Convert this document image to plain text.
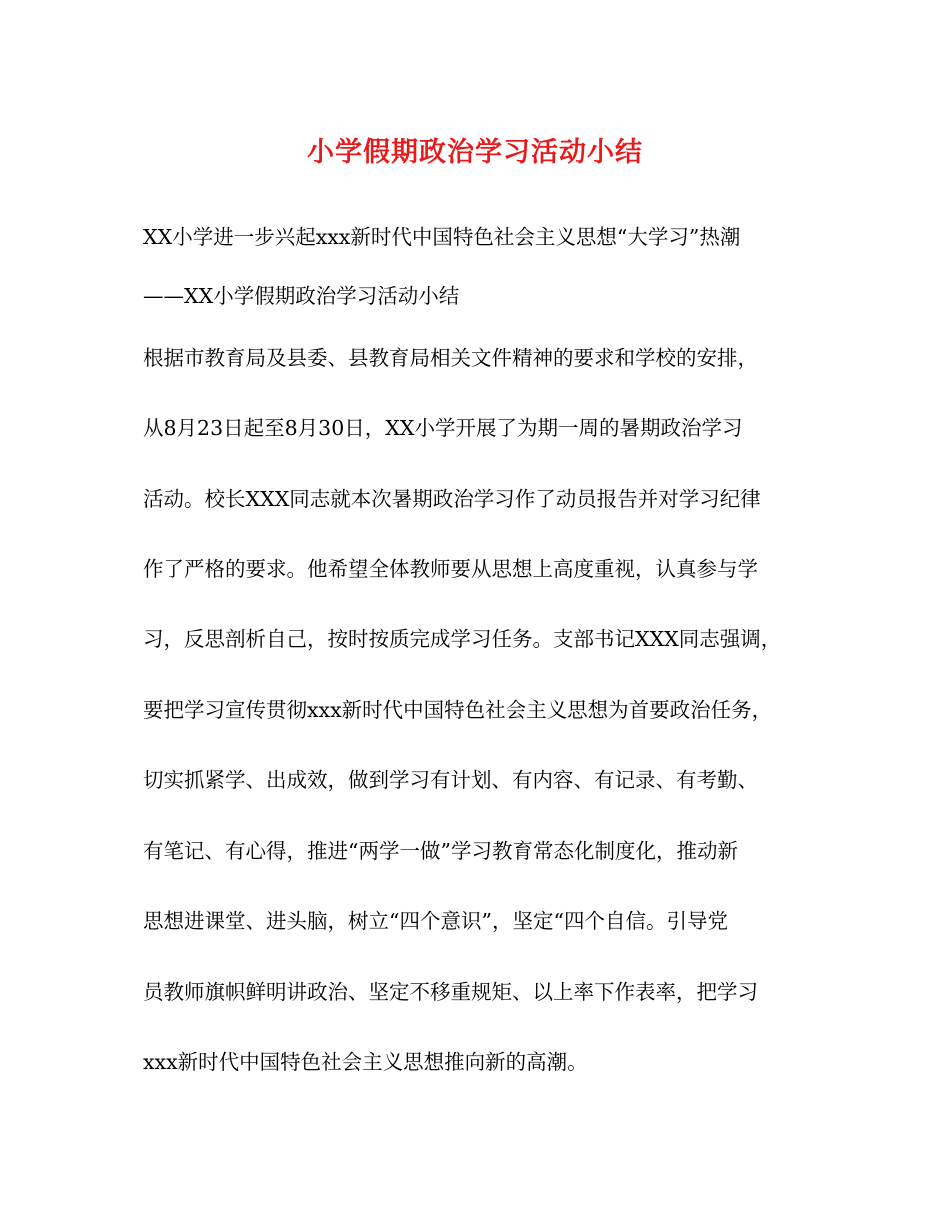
小学假期政治学习活动小结

XX小学进一步兴起xxx新时代中国特色社会主义思想“大学习”热潮

——XX小学假期政治学习活动小结

根据市教育局及县委、县教育局相关文件精神的要求和学校的安排，

从8月23日起至8月30日，XX小学开展了为期一周的暑期政治学习

活动。校长XXX同志就本次暑期政治学习作了动员报告并对学习纪律

作了严格的要求。他希望全体教师要从思想上高度重视，认真参与学

习，反思剖析自己，按时按质完成学习任务。支部书记XXX同志强调，

要把学习宣传贯彻xxx新时代中国特色社会主义思想为首要政治任务，

切实抓紧学、出成效，做到学习有计划、有内容、有记录、有考勤、

有笔记、有心得，推进“两学一做”学习教育常态化制度化，推动新

思想进课堂、进头脑，树立“四个意识”，坚定“四个自信。引导党

员教师旗帜鲜明讲政治、坚定不移重规矩、以上率下作表率，把学习

xxx新时代中国特色社会主义思想推向新的高潮。
